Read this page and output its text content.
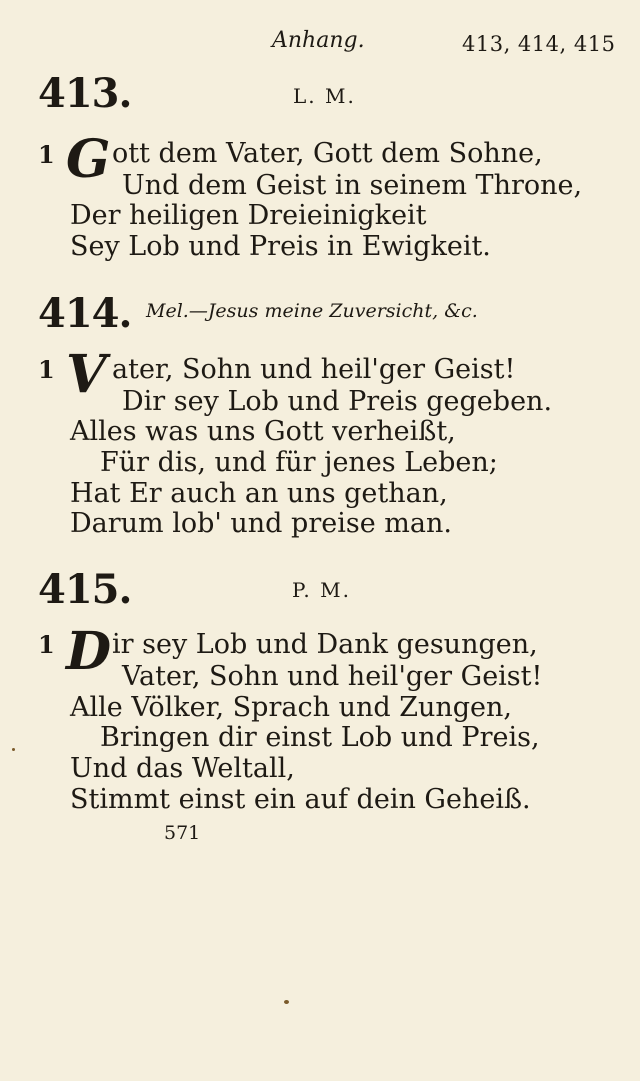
Anhang.	413, 414, 415
413.	L. M.
1 G ott dem Vater, Gott dem Sohne,
Und dem Geist in seinem Throne,
Der heiligen Dreieinigkeit
Sey Lob und Preis in Ewigkeit.
414. Mel.—Jesus meine Zuversicht, &c.
1 V ater, Sohn und heil'ger Geist!
Dir sey Lob und Preis gegeben.
Alles was uns Gott verheißt,
Für dis, und für jenes Leben;
Hat Er auch an uns gethan,
Darum lob' und preise man.
415.	P. M.
1 D ir sey Lob und Dank gesungen,
Vater, Sohn und heil'ger Geist!
Alle Völker, Sprach und Zungen,
Bringen dir einst Lob und Preis,
Und das Weltall,
Stimmt einst ein auf dein Geheiß.
571
